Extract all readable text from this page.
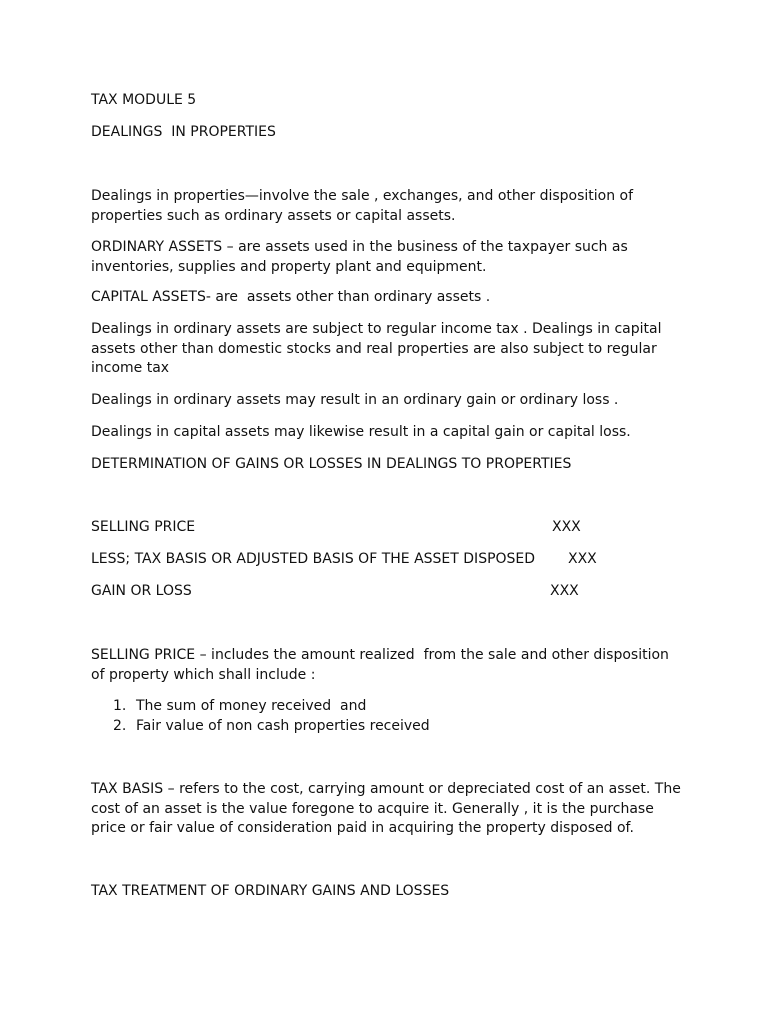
TAX MODULE 5

DEALINGS  IN PROPERTIES

Dealings in properties—involve the sale , exchanges, and other disposition of properties such as ordinary assets or capital assets.

ORDINARY ASSETS – are assets used in the business of the taxpayer such as inventories, supplies and property plant and equipment.

CAPITAL ASSETS- are  assets other than ordinary assets .

Dealings in ordinary assets are subject to regular income tax . Dealings in capital assets other than domestic stocks and real properties are also subject to regular income tax

Dealings in ordinary assets may result in an ordinary gain or ordinary loss .

Dealings in capital assets may likewise result in a capital gain or capital loss.

DETERMINATION OF GAINS OR LOSSES IN DEALINGS TO PROPERTIES

SELLING PRICE	XXX

LESS; TAX BASIS OR ADJUSTED BASIS OF THE ASSET DISPOSED XXX

GAIN OR LOSS	XXX

SELLING PRICE – includes the amount realized  from the sale and other disposition of property which shall include :

1. The sum of money received  and
2. Fair value of non cash properties received

TAX BASIS – refers to the cost, carrying amount or depreciated cost of an asset. The cost of an asset is the value foregone to acquire it. Generally , it is the purchase price or fair value of consideration paid in acquiring the property disposed of.

TAX TREATMENT OF ORDINARY GAINS AND LOSSES
